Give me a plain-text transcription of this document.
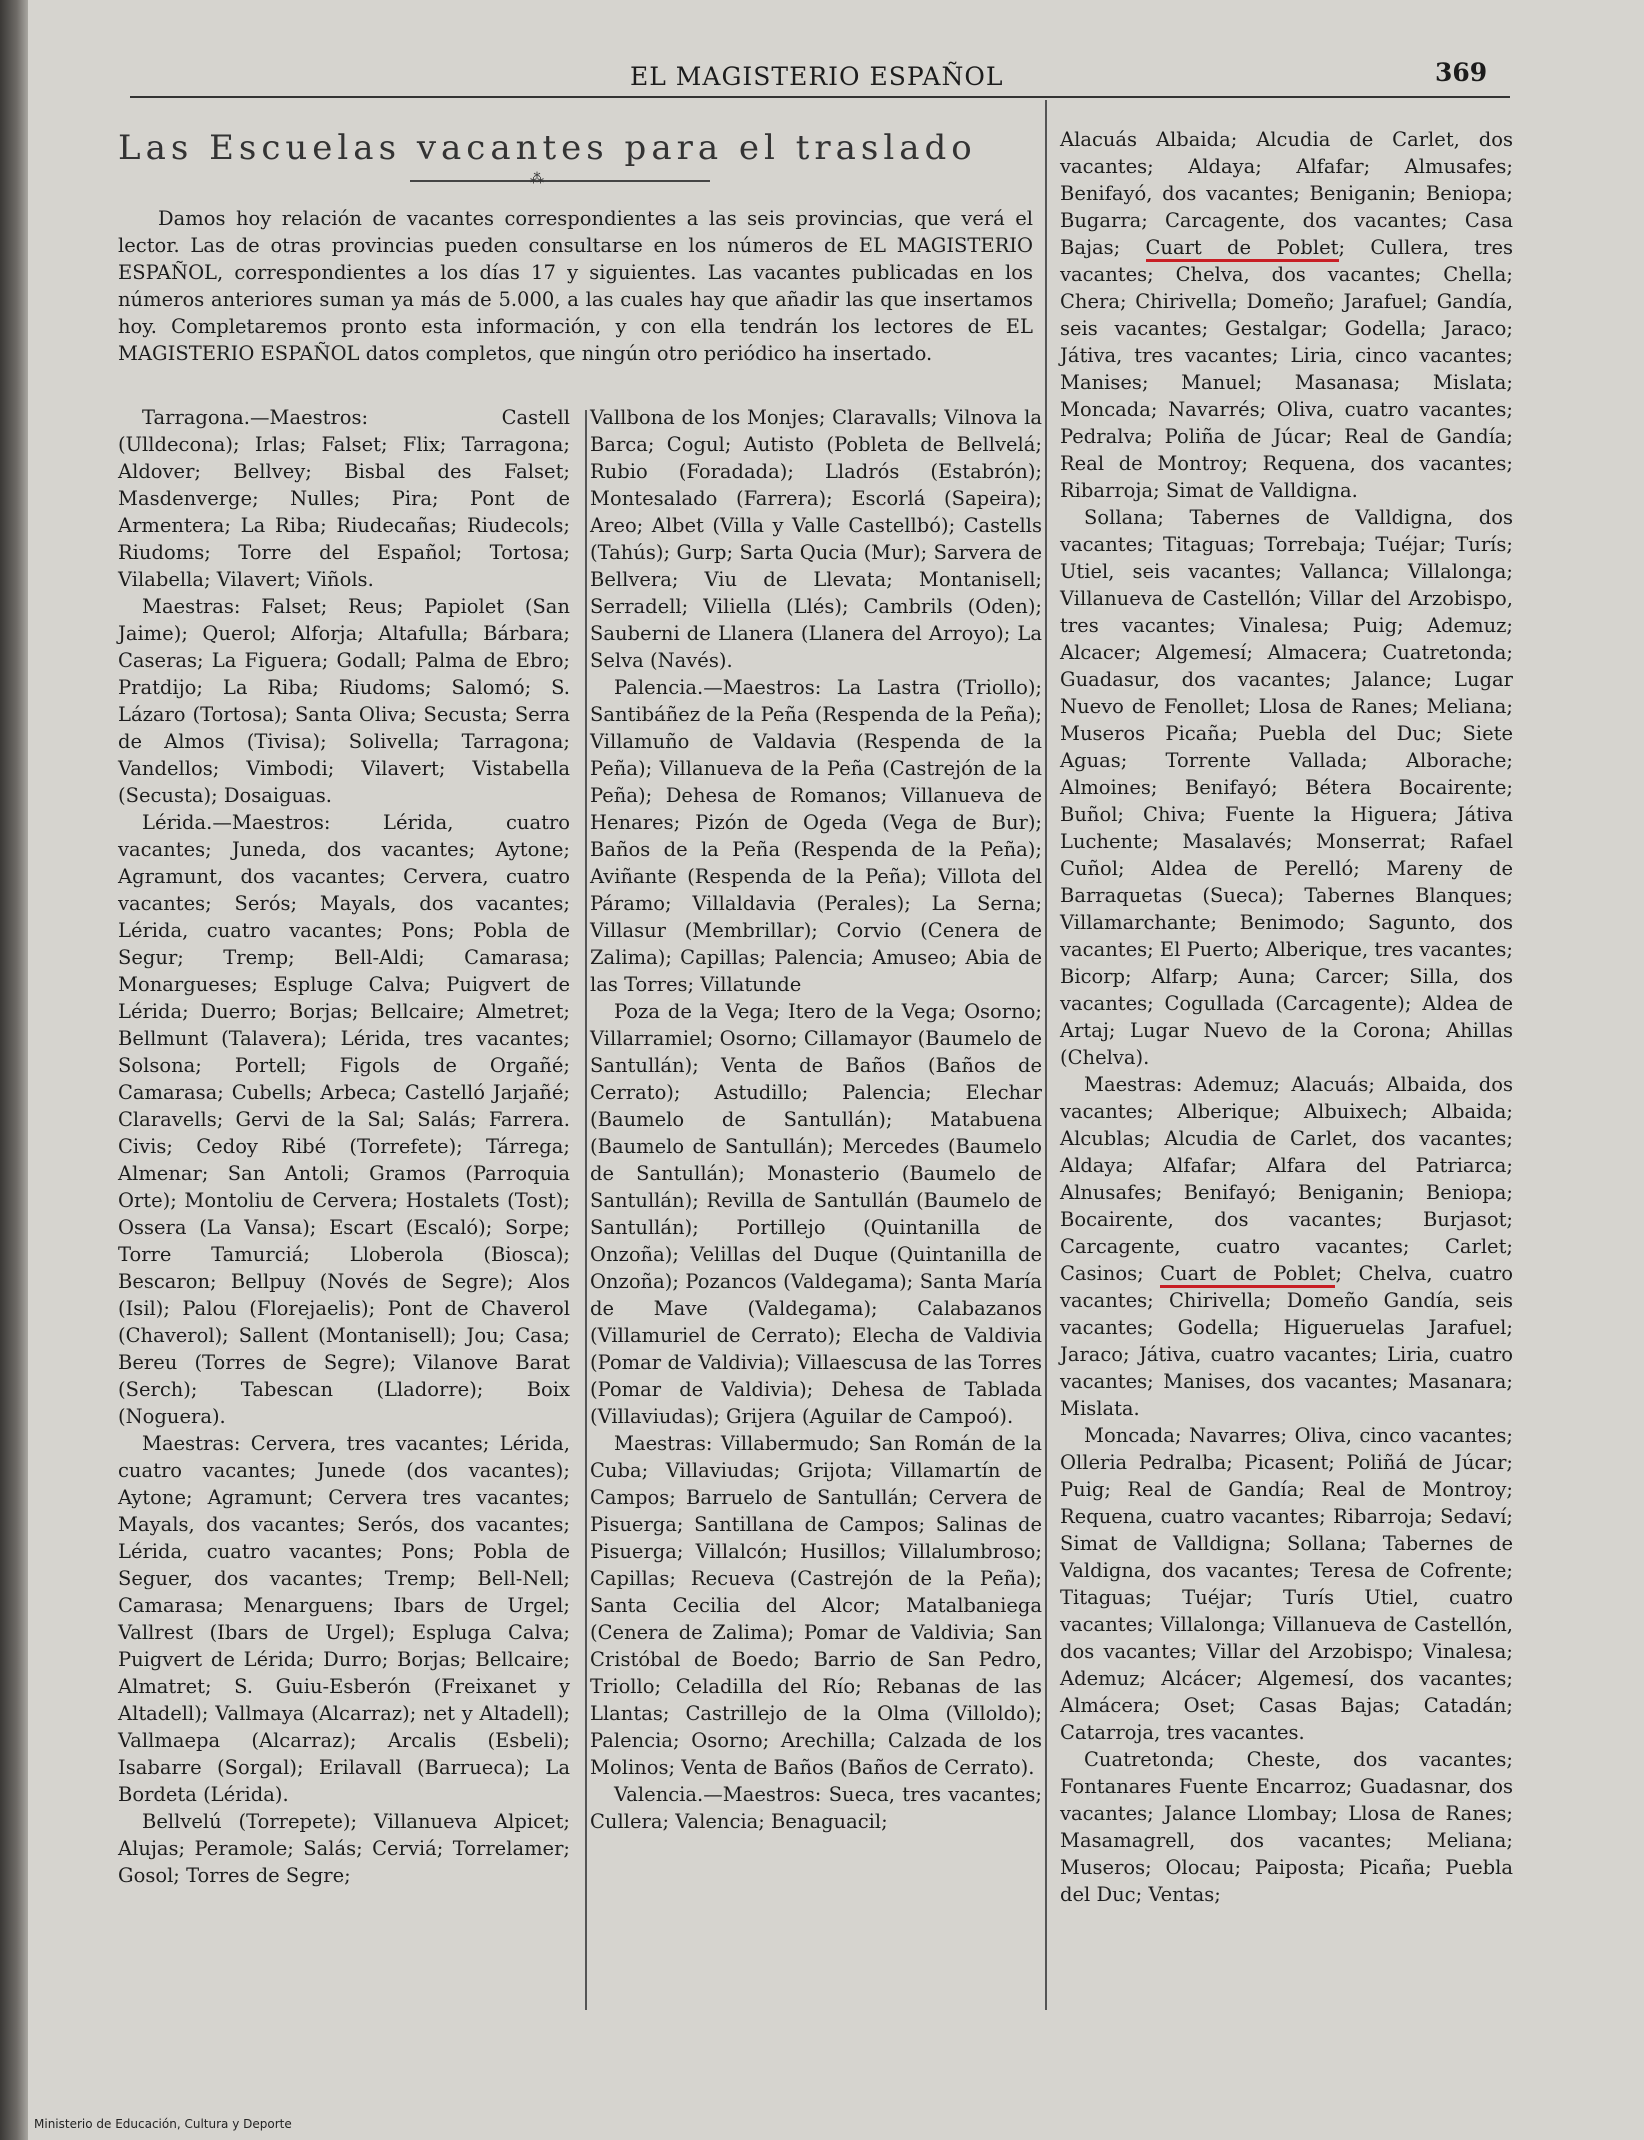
EL MAGISTERIO ESPAÑOL	369
Las Escuelas vacantes para el traslado
⁂

Damos hoy relación de vacantes correspondientes a las seis provincias, que verá el lector. Las de otras provincias pueden consultarse en los números de EL MAGISTERIO ESPAÑOL, correspondientes a los días 17 y siguientes. Las vacantes publicadas en los números anteriores suman ya más de 5.000, a las cuales hay que añadir las que insertamos hoy. Completaremos pronto esta información, y con ella tendrán los lectores de EL MAGISTERIO ESPAÑOL datos completos, que ningún otro periódico ha insertado.

Tarragona.—Maestros: Castell (Ulldecona); Irlas; Falset; Flix; Tarragona; Aldover; Bellvey; Bisbal des Falset; Masdenverge; Nulles; Pira; Pont de Armentera; La Riba; Riudecañas; Riudecols; Riudoms; Torre del Español; Tortosa; Vilabella; Vilavert; Viñols.

Maestras: Falset; Reus; Papiolet (San Jaime); Querol; Alforja; Altafulla; Bárbara; Caseras; La Figuera; Godall; Palma de Ebro; Pratdijo; La Riba; Riudoms; Salomó; S. Lázaro (Tortosa); Santa Oliva; Secusta; Serra de Almos (Tivisa); Solivella; Tarragona; Vandellos; Vimbodi; Vilavert; Vistabella (Secusta); Dosaiguas.

Lérida.—Maestros: Lérida, cuatro vacantes; Juneda, dos vacantes; Aytone; Agramunt, dos vacantes; Cervera, cuatro vacantes; Serós; Mayals, dos vacantes; Lérida, cuatro vacantes; Pons; Pobla de Segur; Tremp; Bell-Aldi; Camarasa; Monargueses; Espluge Calva; Puigvert de Lérida; Duerro; Borjas; Bellcaire; Almetret; Bellmunt (Talavera); Lérida, tres vacantes; Solsona; Portell; Figols de Orgañé; Camarasa; Cubells; Arbeca; Castelló Jarjañé; Claravells; Gervi de la Sal; Salás; Farrera. Civis; Cedoy Ribé (Torrefete); Tárrega; Almenar; San Antoli; Gramos (Parroquia Orte); Montoliu de Cervera; Hostalets (Tost); Ossera (La Vansa); Escart (Escaló); Sorpe; Torre Tamurciá; Lloberola (Biosca); Bescaron; Bellpuy (Novés de Segre); Alos (Isil); Palou (Florejaelis); Pont de Chaverol (Chaverol); Sallent (Montanisell); Jou; Casa; Bereu (Torres de Segre); Vilanove Barat (Serch); Tabescan (Lladorre); Boix (Noguera).

Maestras: Cervera, tres vacantes; Lérida, cuatro vacantes; Junede (dos vacantes); Aytone; Agramunt; Cervera tres vacantes; Mayals, dos vacantes; Serós, dos vacantes; Lérida, cuatro vacantes; Pons; Pobla de Seguer, dos vacantes; Tremp; Bell-Nell; Camarasa; Menarguens; Ibars de Urgel; Vallrest (Ibars de Urgel); Espluga Calva; Puigvert de Lérida; Durro; Borjas; Bellcaire; Almatret; S. Guiu-Esberón (Freixanet y Altadell); Vallmaya (Alcarraz); net y Altadell); Vallmaepa (Alcarraz); Arcalis (Esbeli); Isabarre (Sorgal); Erilavall (Barrueca); La Bordeta (Lérida).

Bellvelú (Torrepete); Villanueva Alpicet; Alujas; Peramole; Salás; Cerviá; Torrelamer; Gosol; Torres de Segre;

Vallbona de los Monjes; Claravalls; Vilnova la Barca; Cogul; Autisto (Pobleta de Bellvelá; Rubio (Foradada); Lladrós (Estabrón); Montesalado (Farrera); Escorlá (Sapeira); Areo; Albet (Villa y Valle Castellbó); Castells (Tahús); Gurp; Sarta Qucia (Mur); Sarvera de Bellvera; Viu de Llevata; Montanisell; Serradell; Viliella (Llés); Cambrils (Oden); Sauberni de Llanera (Llanera del Arroyo); La Selva (Navés).

Palencia.—Maestros: La Lastra (Triollo); Santibáñez de la Peña (Respenda de la Peña); Villamuño de Valdavia (Respenda de la Peña); Villanueva de la Peña (Castrejón de la Peña); Dehesa de Romanos; Villanueva de Henares; Pizón de Ogeda (Vega de Bur); Baños de la Peña (Respenda de la Peña); Aviñante (Respenda de la Peña); Villota del Páramo; Villaldavia (Perales); La Serna; Villasur (Membrillar); Corvio (Cenera de Zalima); Capillas; Palencia; Amuseo; Abia de las Torres; Villatunde

Poza de la Vega; Itero de la Vega; Osorno; Villarramiel; Osorno; Cillamayor (Baumelo de Santullán); Venta de Baños (Baños de Cerrato); Astudillo; Palencia; Elechar (Baumelo de Santullán); Matabuena (Baumelo de Santullán); Mercedes (Baumelo de Santullán); Monasterio (Baumelo de Santullán); Revilla de Santullán (Baumelo de Santullán); Portillejo (Quintanilla de Onzoña); Velillas del Duque (Quintanilla de Onzoña); Pozancos (Valdegama); Santa María de Mave (Valdegama); Calabazanos (Villamuriel de Cerrato); Elecha de Valdivia (Pomar de Valdivia); Villaescusa de las Torres (Pomar de Valdivia); Dehesa de Tablada (Villaviudas); Grijera (Aguilar de Campoó).

Maestras: Villabermudo; San Román de la Cuba; Villaviudas; Grijota; Villamartín de Campos; Barruelo de Santullán; Cervera de Pisuerga; Santillana de Campos; Salinas de Pisuerga; Villalcón; Husillos; Villalumbroso; Capillas; Recueva (Castrejón de la Peña); Santa Cecilia del Alcor; Matalbaniega (Cenera de Zalima); Pomar de Valdivia; San Cristóbal de Boedo; Barrio de San Pedro, Triollo; Celadilla del Río; Rebanas de las Llantas; Castrillejo de la Olma (Villoldo); Palencia; Osorno; Arechilla; Calzada de los Molinos; Venta de Baños (Baños de Cerrato).

Valencia.—Maestros: Sueca, tres vacantes; Cullera; Valencia; Benaguacil;

Alacuás Albaida; Alcudia de Carlet, dos vacantes; Aldaya; Alfafar; Almusafes; Benifayó, dos vacantes; Beniganin; Beniopa; Bugarra; Carcagente, dos vacantes; Casa Bajas; Cuart de Poblet; Cullera, tres vacantes; Chelva, dos vacantes; Chella; Chera; Chirivella; Domeño; Jarafuel; Gandía, seis vacantes; Gestalgar; Godella; Jaraco; Játiva, tres vacantes; Liria, cinco vacantes; Manises; Manuel; Masanasa; Mislata; Moncada; Navarrés; Oliva, cuatro vacantes; Pedralva; Poliña de Júcar; Real de Gandía; Real de Montroy; Requena, dos vacantes; Ribarroja; Simat de Valldigna.

Sollana; Tabernes de Valldigna, dos vacantes; Titaguas; Torrebaja; Tuéjar; Turís; Utiel, seis vacantes; Vallanca; Villalonga; Villanueva de Castellón; Villar del Arzobispo, tres vacantes; Vinalesa; Puig; Ademuz; Alcacer; Algemesí; Almacera; Cuatretonda; Guadasur, dos vacantes; Jalance; Lugar Nuevo de Fenollet; Llosa de Ranes; Meliana; Museros Picaña; Puebla del Duc; Siete Aguas; Torrente Vallada; Alborache; Almoines; Benifayó; Bétera Bocairente; Buñol; Chiva; Fuente la Higuera; Játiva Luchente; Masalavés; Monserrat; Rafael Cuñol; Aldea de Perelló; Mareny de Barraquetas (Sueca); Tabernes Blanques; Villamarchante; Benimodo; Sagunto, dos vacantes; El Puerto; Alberique, tres vacantes; Bicorp; Alfarp; Auna; Carcer; Silla, dos vacantes; Cogullada (Carcagente); Aldea de Artaj; Lugar Nuevo de la Corona; Ahillas (Chelva).

Maestras: Ademuz; Alacuás; Albaida, dos vacantes; Alberique; Albuixech; Albaida; Alcublas; Alcudia de Carlet, dos vacantes; Aldaya; Alfafar; Alfara del Patriarca; Alnusafes; Benifayó; Beniganin; Beniopa; Bocairente, dos vacantes; Burjasot; Carcagente, cuatro vacantes; Carlet; Casinos; Cuart de Poblet; Chelva, cuatro vacantes; Chirivella; Domeño Gandía, seis vacantes; Godella; Higueruelas Jarafuel; Jaraco; Játiva, cuatro vacantes; Liria, cuatro vacantes; Manises, dos vacantes; Masanara; Mislata.

Moncada; Navarres; Oliva, cinco vacantes; Olleria Pedralba; Picasent; Poliñá de Júcar; Puig; Real de Gandía; Real de Montroy; Requena, cuatro vacantes; Ribarroja; Sedaví; Simat de Valldigna; Sollana; Tabernes de Valdigna, dos vacantes; Teresa de Cofrente; Titaguas; Tuéjar; Turís Utiel, cuatro vacantes; Villalonga; Villanueva de Castellón, dos vacantes; Villar del Arzobispo; Vinalesa; Ademuz; Alcácer; Algemesí, dos vacantes; Almácera; Oset; Casas Bajas; Catadán; Catarroja, tres vacantes.

Cuatretonda; Cheste, dos vacantes; Fontanares Fuente Encarroz; Guadasnar, dos vacantes; Jalance Llombay; Llosa de Ranes; Masamagrell, dos vacantes; Meliana; Museros; Olocau; Paiposta; Picaña; Puebla del Duc; Ventas;

Ministerio de Educación, Cultura y Deporte
